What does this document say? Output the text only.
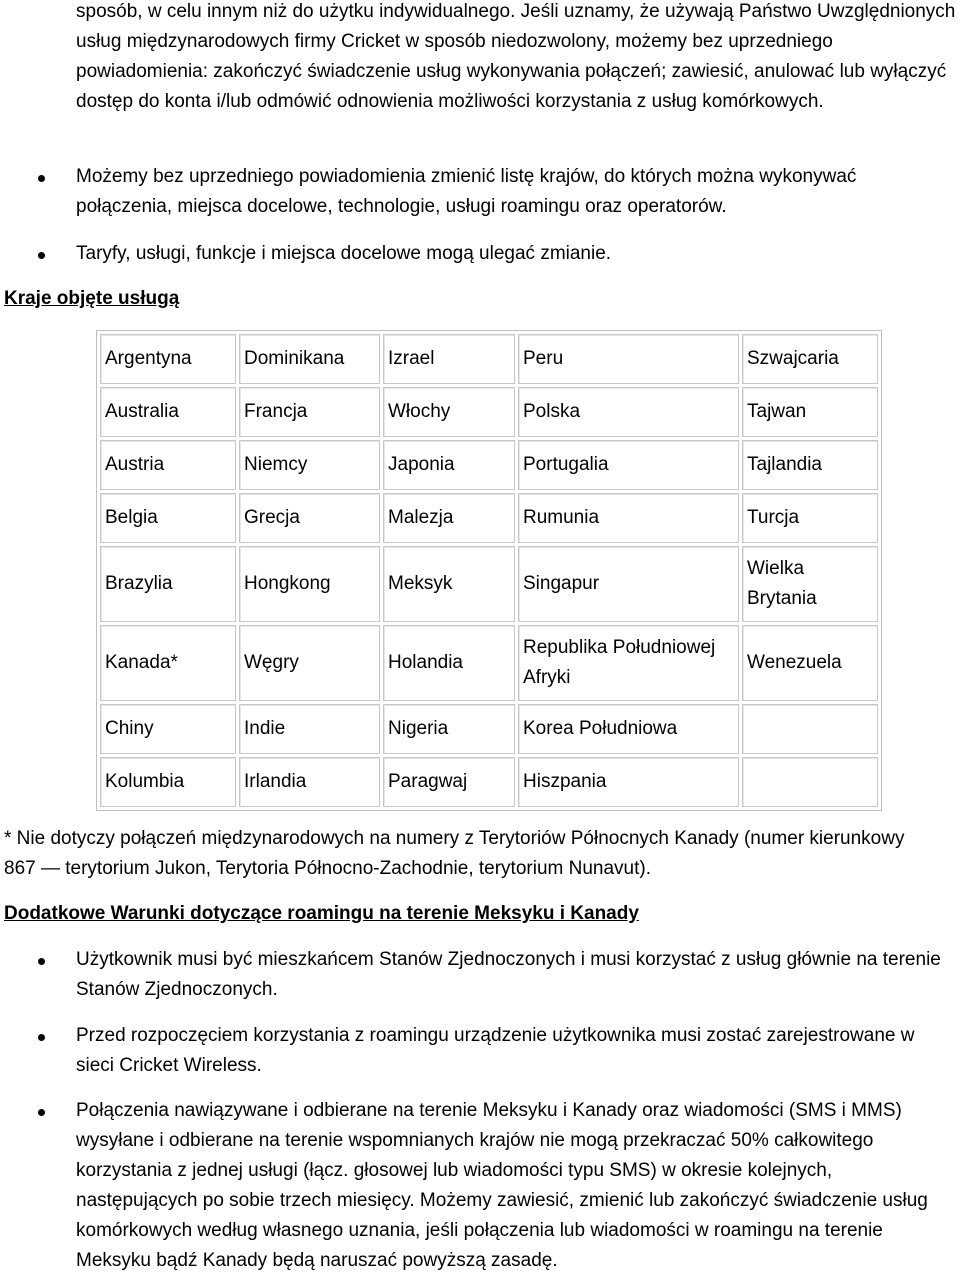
sposób, w celu innym niż do użytku indywidualnego. Jeśli uznamy, że używają Państwo Uwzględnionych usług międzynarodowych firmy Cricket w sposób niedozwolony, możemy bez uprzedniego powiadomienia: zakończyć świadczenie usług wykonywania połączeń; zawiesić, anulować lub wyłączyć dostęp do konta i/lub odmówić odnowienia możliwości korzystania z usług komórkowych.

Możemy bez uprzedniego powiadomienia zmienić listę krajów, do których można wykonywać połączenia, miejsca docelowe, technologie, usługi roamingu oraz operatorów.

Taryfy, usługi, funkcje i miejsca docelowe mogą ulegać zmianie.

Kraje objęte usługą

Argentyna	Dominikana	Izrael	Peru	Szwajcaria
Australia	Francja	Włochy	Polska	Tajwan
Austria	Niemcy	Japonia	Portugalia	Tajlandia
Belgia	Grecja	Malezja	Rumunia	Turcja
Brazylia	Hongkong	Meksyk	Singapur	Wielka Brytania
Kanada*	Węgry	Holandia	Republika Południowej Afryki	Wenezuela
Chiny	Indie	Nigeria	Korea Południowa	
Kolumbia	Irlandia	Paragwaj	Hiszpania	

* Nie dotyczy połączeń międzynarodowych na numery z Terytoriów Północnych Kanady (numer kierunkowy 867 — terytorium Jukon, Terytoria Północno-Zachodnie, terytorium Nunavut).

Dodatkowe Warunki dotyczące roamingu na terenie Meksyku i Kanady

Użytkownik musi być mieszkańcem Stanów Zjednoczonych i musi korzystać z usług głównie na terenie Stanów Zjednoczonych.

Przed rozpoczęciem korzystania z roamingu urządzenie użytkownika musi zostać zarejestrowane w sieci Cricket Wireless.

Połączenia nawiązywane i odbierane na terenie Meksyku i Kanady oraz wiadomości (SMS i MMS) wysyłane i odbierane na terenie wspomnianych krajów nie mogą przekraczać 50% całkowitego korzystania z jednej usługi (łącz. głosowej lub wiadomości typu SMS) w okresie kolejnych, następujących po sobie trzech miesięcy. Możemy zawiesić, zmienić lub zakończyć świadczenie usług komórkowych według własnego uznania, jeśli połączenia lub wiadomości w roamingu na terenie Meksyku bądź Kanady będą naruszać powyższą zasadę.
